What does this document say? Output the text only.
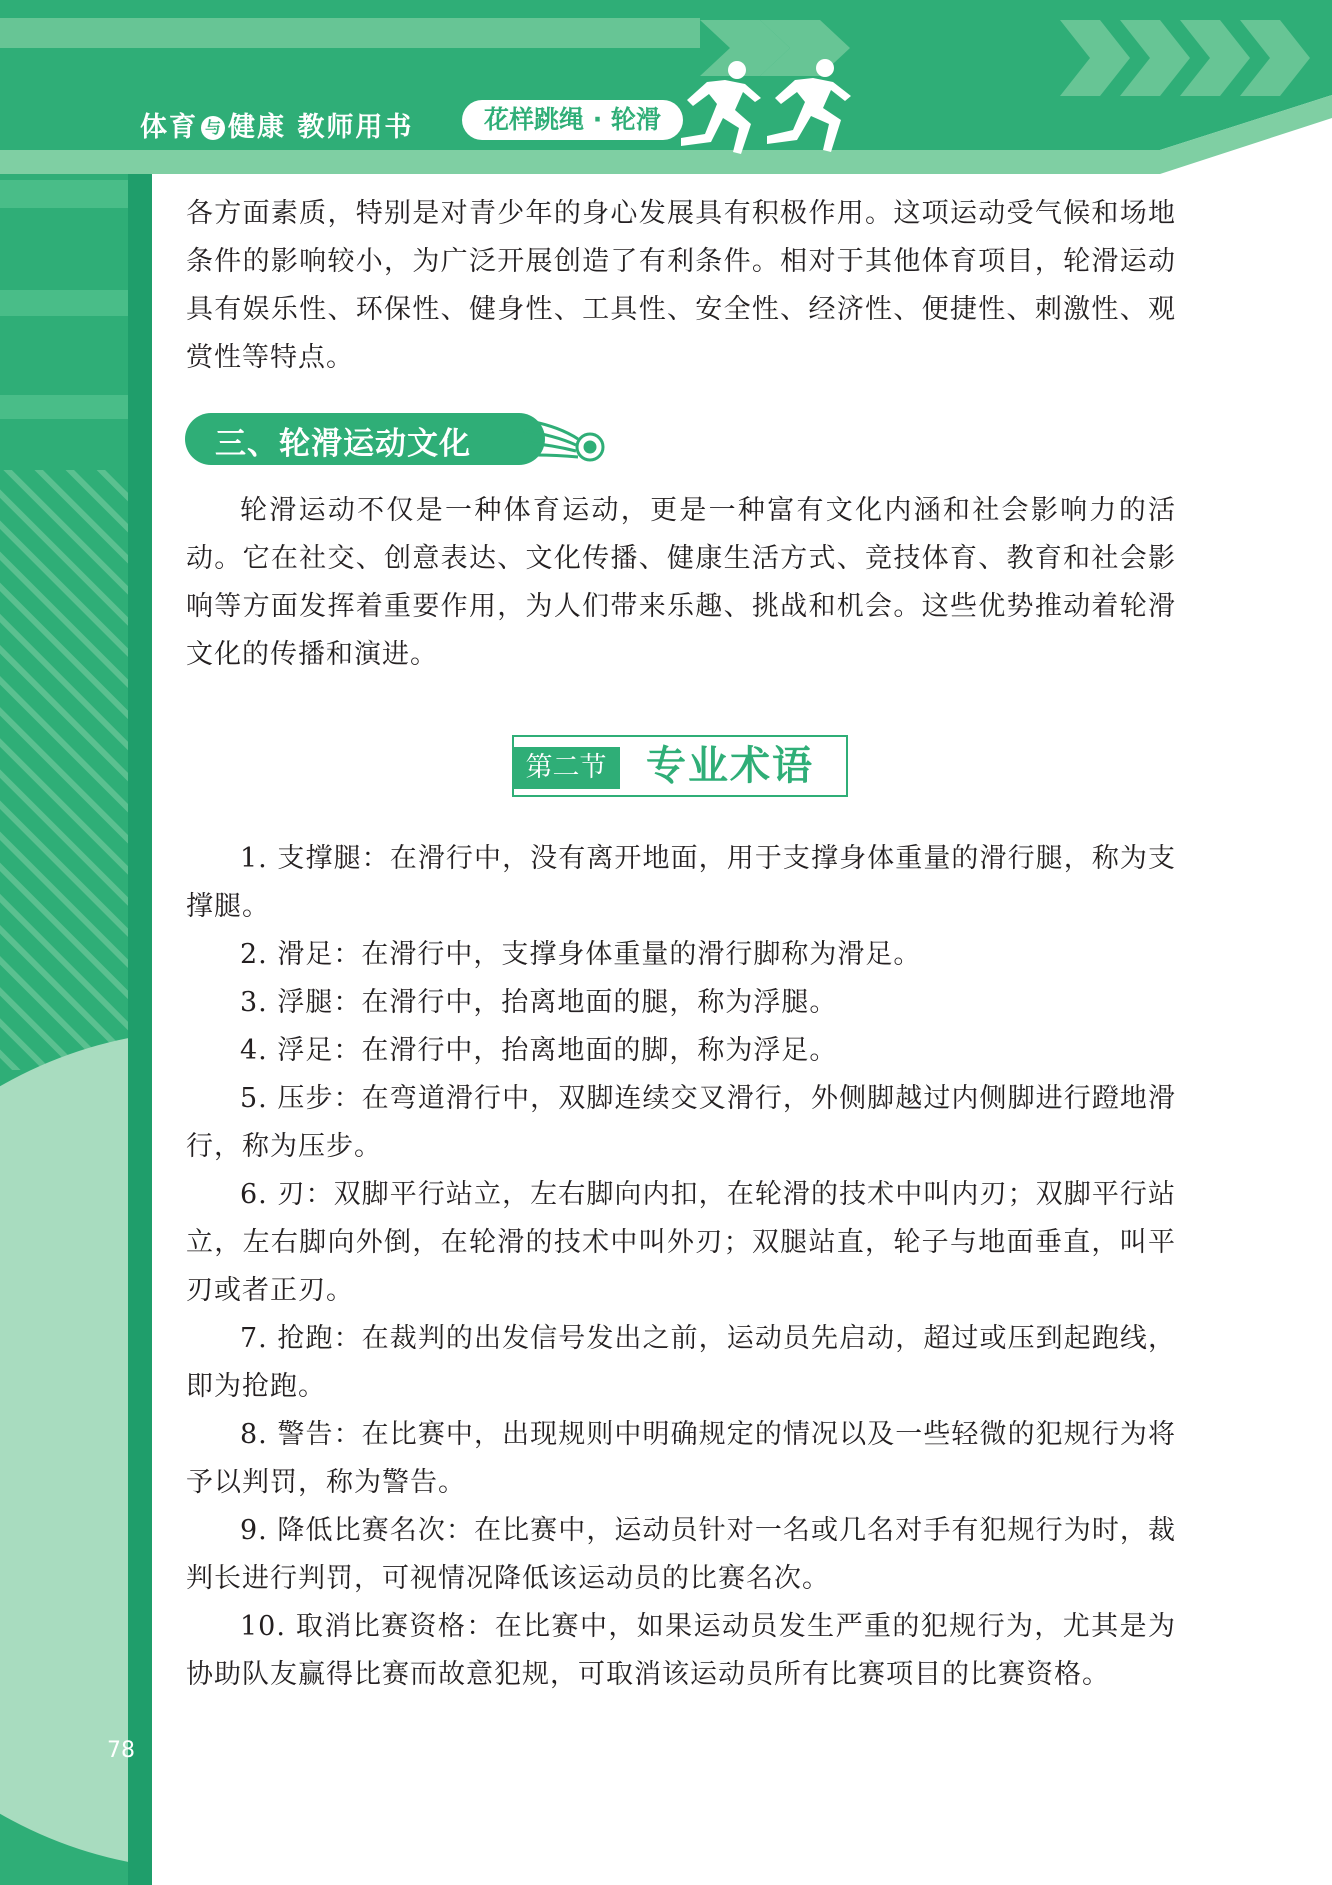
体育 与 健康 教师用书	花样跳绳 · 轮滑

各方面素质，特别是对青少年的身心发展具有积极作用。这项运动受气候和场地条件的影响较小，为广泛开展创造了有利条件。相对于其他体育项目，轮滑运动具有娱乐性、环保性、健身性、工具性、安全性、经济性、便捷性、刺激性、观赏性等特点。

三、轮滑运动文化

轮滑运动不仅是一种体育运动，更是一种富有文化内涵和社会影响力的活动。它在社交、创意表达、文化传播、健康生活方式、竞技体育、教育和社会影响等方面发挥着重要作用，为人们带来乐趣、挑战和机会。这些优势推动着轮滑文化的传播和演进。

第二节 专业术语

1. 支撑腿：在滑行中，没有离开地面，用于支撑身体重量的滑行腿，称为支撑腿。

2. 滑足：在滑行中，支撑身体重量的滑行脚称为滑足。

3. 浮腿：在滑行中，抬离地面的腿，称为浮腿。

4. 浮足：在滑行中，抬离地面的脚，称为浮足。

5. 压步：在弯道滑行中，双脚连续交叉滑行，外侧脚越过内侧脚进行蹬地滑行，称为压步。

6. 刃：双脚平行站立，左右脚向内扣，在轮滑的技术中叫内刃；双脚平行站立，左右脚向外倒，在轮滑的技术中叫外刃；双腿站直，轮子与地面垂直，叫平刃或者正刃。

7. 抢跑：在裁判的出发信号发出之前，运动员先启动，超过或压到起跑线，即为抢跑。

8. 警告：在比赛中，出现规则中明确规定的情况以及一些轻微的犯规行为将予以判罚，称为警告。

9. 降低比赛名次：在比赛中，运动员针对一名或几名对手有犯规行为时，裁判长进行判罚，可视情况降低该运动员的比赛名次。

10. 取消比赛资格：在比赛中，如果运动员发生严重的犯规行为，尤其是为协助队友赢得比赛而故意犯规，可取消该运动员所有比赛项目的比赛资格。

78
